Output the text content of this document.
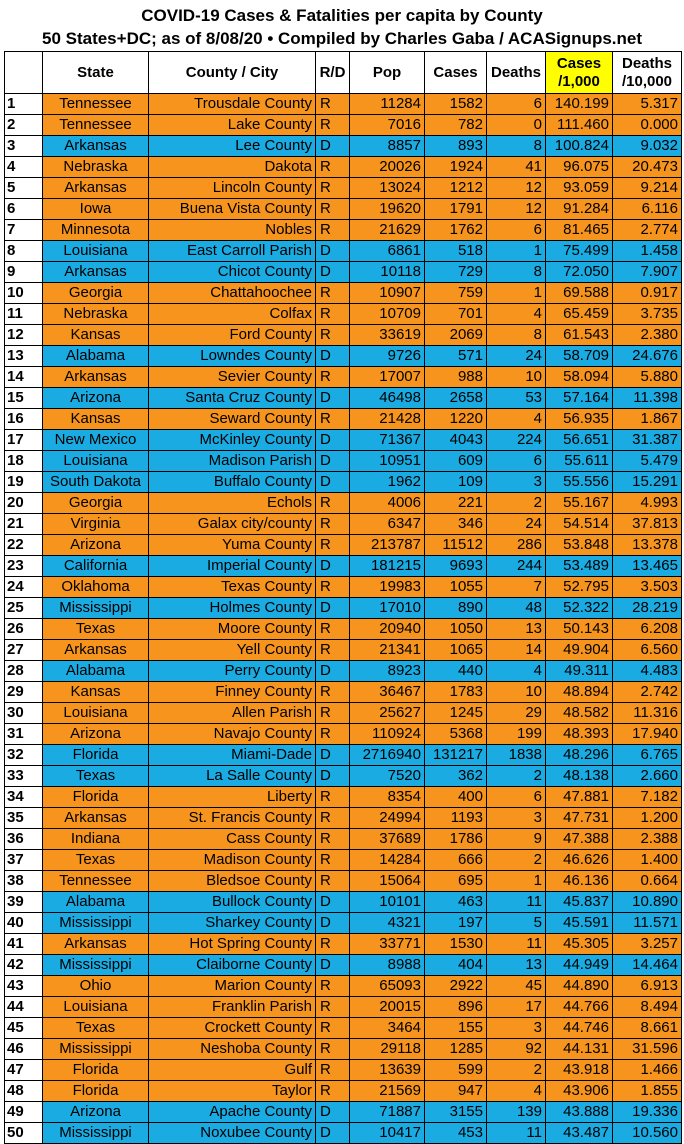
COVID-19 Cases & Fatalities per capita by County
50 States+DC; as of 8/08/20 • Compiled by Charles Gaba / ACASignups.net
	State	County / City	R/D	Pop	Cases	Deaths	Cases /1,000	Deaths /10,000
1	Tennessee	Trousdale County	R	11284	1582	6	140.199	5.317
2	Tennessee	Lake County	R	7016	782	0	111.460	0.000
3	Arkansas	Lee County	D	8857	893	8	100.824	9.032
4	Nebraska	Dakota	R	20026	1924	41	96.075	20.473
5	Arkansas	Lincoln County	R	13024	1212	12	93.059	9.214
6	Iowa	Buena Vista County	R	19620	1791	12	91.284	6.116
7	Minnesota	Nobles	R	21629	1762	6	81.465	2.774
8	Louisiana	East Carroll Parish	D	6861	518	1	75.499	1.458
9	Arkansas	Chicot County	D	10118	729	8	72.050	7.907
10	Georgia	Chattahoochee	R	10907	759	1	69.588	0.917
11	Nebraska	Colfax	R	10709	701	4	65.459	3.735
12	Kansas	Ford County	R	33619	2069	8	61.543	2.380
13	Alabama	Lowndes County	D	9726	571	24	58.709	24.676
14	Arkansas	Sevier County	R	17007	988	10	58.094	5.880
15	Arizona	Santa Cruz County	D	46498	2658	53	57.164	11.398
16	Kansas	Seward County	R	21428	1220	4	56.935	1.867
17	New Mexico	McKinley County	D	71367	4043	224	56.651	31.387
18	Louisiana	Madison Parish	D	10951	609	6	55.611	5.479
19	South Dakota	Buffalo County	D	1962	109	3	55.556	15.291
20	Georgia	Echols	R	4006	221	2	55.167	4.993
21	Virginia	Galax city/county	R	6347	346	24	54.514	37.813
22	Arizona	Yuma County	R	213787	11512	286	53.848	13.378
23	California	Imperial County	D	181215	9693	244	53.489	13.465
24	Oklahoma	Texas County	R	19983	1055	7	52.795	3.503
25	Mississippi	Holmes County	D	17010	890	48	52.322	28.219
26	Texas	Moore County	R	20940	1050	13	50.143	6.208
27	Arkansas	Yell County	R	21341	1065	14	49.904	6.560
28	Alabama	Perry County	D	8923	440	4	49.311	4.483
29	Kansas	Finney County	R	36467	1783	10	48.894	2.742
30	Louisiana	Allen Parish	R	25627	1245	29	48.582	11.316
31	Arizona	Navajo County	R	110924	5368	199	48.393	17.940
32	Florida	Miami-Dade	D	2716940	131217	1838	48.296	6.765
33	Texas	La Salle County	D	7520	362	2	48.138	2.660
34	Florida	Liberty	R	8354	400	6	47.881	7.182
35	Arkansas	St. Francis County	R	24994	1193	3	47.731	1.200
36	Indiana	Cass County	R	37689	1786	9	47.388	2.388
37	Texas	Madison County	R	14284	666	2	46.626	1.400
38	Tennessee	Bledsoe County	R	15064	695	1	46.136	0.664
39	Alabama	Bullock County	D	10101	463	11	45.837	10.890
40	Mississippi	Sharkey County	D	4321	197	5	45.591	11.571
41	Arkansas	Hot Spring County	R	33771	1530	11	45.305	3.257
42	Mississippi	Claiborne County	D	8988	404	13	44.949	14.464
43	Ohio	Marion County	R	65093	2922	45	44.890	6.913
44	Louisiana	Franklin Parish	R	20015	896	17	44.766	8.494
45	Texas	Crockett County	R	3464	155	3	44.746	8.661
46	Mississippi	Neshoba County	R	29118	1285	92	44.131	31.596
47	Florida	Gulf	R	13639	599	2	43.918	1.466
48	Florida	Taylor	R	21569	947	4	43.906	1.855
49	Arizona	Apache County	D	71887	3155	139	43.888	19.336
50	Mississippi	Noxubee County	D	10417	453	11	43.487	10.560
